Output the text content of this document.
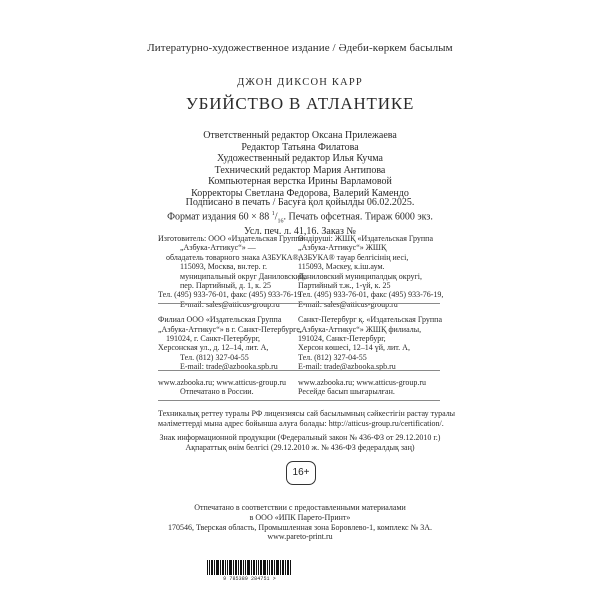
Литературно-художественное издание / Әдеби-көркем басылым
ДЖОН ДИКСОН КАРР
УБИЙСТВО В АТЛАНТИКЕ
Ответственный редактор Оксана Прилежаева
Редактор Татьяна Филатова
Художественный редактор Илья Кучма
Технический редактор Мария Антипова
Компьютерная верстка Ирины Варламовой
Корректоры Светлана Федорова, Валерий Камендо
Подписано в печать / Басуға қол қойылды 06.02.2025.
Формат издания 60 × 88 $^1/_{16}$. Печать офсетная. Тираж 6000 экз.
Усл. печ. л. 41,16. Заказ №
Изготовитель: ООО «Издательская Группа
„Азбука-Аттикус“» —
обладатель товарного знака АЗБУКА®,
115093, Москва, вн.тер. г.
муниципальный округ Даниловский,
пер. Партийный, д. 1, к. 25
Тел. (495) 933-76-01, факс (495) 933-76-19
E-mail: sales@atticus-group.ru
Филиал ООО «Издательская Группа
„Азбука-Аттикус“» в г. Санкт-Петербурге,
191024, г. Санкт-Петербург,
Херсонская ул., д. 12–14, лит. А,
Тел. (812) 327-04-55
E-mail: trade@azbooka.spb.ru
www.azbooka.ru; www.atticus-group.ru
Отпечатано в России.
Өндіруші: ЖШҚ «Издательская Группа
„Азбука-Аттикус“» ЖШҚ
АЗБУКА® тауар белгісінің иесі,
115093, Мәскеу, к.іш.аум.
Даниловский муниципалдық округі,
Партийный т.ж., 1-үй, к. 25
Тел. (495) 933-76-01, факс (495) 933-76-19,
E-mail: sales@atticus-group.ru
Санкт-Петербург қ. «Издательская Группа
„Азбука-Аттикус“» ЖШҚ филиалы,
191024, Санкт-Петербург,
Херсон көшесі, 12–14 үй, лит. А,
Тел. (812) 327-04-55
E-mail: trade@azbooka.spb.ru
www.azbooka.ru; www.atticus-group.ru
Ресейде басып шығарылған.
Техникалық реттеу туралы РФ лицензиясы сай басылымның сәйкестігін растау туралы
мәліметтерді мына адрес бойынша алуға болады: http://atticus-group.ru/certification/.
Знак информационной продукции (Федеральный закон № 436-ФЗ от 29.12.2010 г.)
Ақпараттық өнім белгісі (29.12.2010 ж. № 436-ФЗ федералдық заң)
16+
Отпечатано в соответствии с предоставленными материалами
в ООО «ИПК Парето-Принт»
170546, Тверская область, Промышленная зона Боровлево-1, комплекс № 3А.
www.pareto-print.ru
9 785389 284751 >
